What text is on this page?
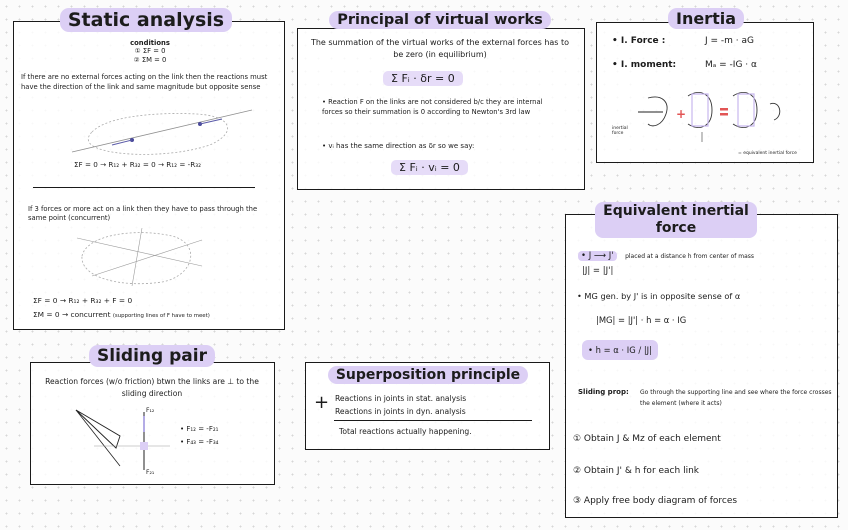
Static analysis
conditions
① ΣF = 0
② ΣM = 0
If there are no external forces acting on the link then the reactions must have the direction of the link and same magnitude but opposite sense
ΣF = 0 → R₁₂ + R₃₂ = 0 → R₁₂ = -R₃₂
If 3 forces or more act on a link then they have to pass through the same point (concurrent)
ΣF = 0 → R₁₂ + R₃₂ + F = 0
ΣM = 0 → concurrent (supporting lines of F have to meet)
Principal of virtual works
The summation of the virtual works of the external forces has to be zero (in equilibrium)
Σ Fᵢ · δr = 0
• Reaction F on the links are not considered b/c they are internal forces so their summation is 0 according to Newton's 3rd law
• vᵢ has the same direction as δr so we say:
Σ Fᵢ · vᵢ = 0
Inertia
• I. Force :	J = -m · aG
• I. moment:	Mₐ = -IG · α
+
inertial force
= equivalent inertial force
Equivalent inertial
force
• J ⟶ J' placed at a distance h from center of mass
|J| = |J'|
• MG gen. by J' is in opposite sense of α
|MG| = |J'| · h = α · IG
• h = α · IG / |J|
Sliding prop: Go through the supporting line and see where the force crosses the element (where it acts)
① Obtain J & Mᴢ of each element
② Obtain J' & h for each link
③ Apply free body diagram of forces
Sliding pair
Reaction forces (w/o friction) btwn the links are ⊥ to the sliding direction
F₁₂
F₂₁
• F₁₂ = -F₂₁
• F₄₃ = -F₃₄
Superposition principle
+ Reactions in joints in stat. analysis
Reactions in joints in dyn. analysis
Total reactions actually happening.
